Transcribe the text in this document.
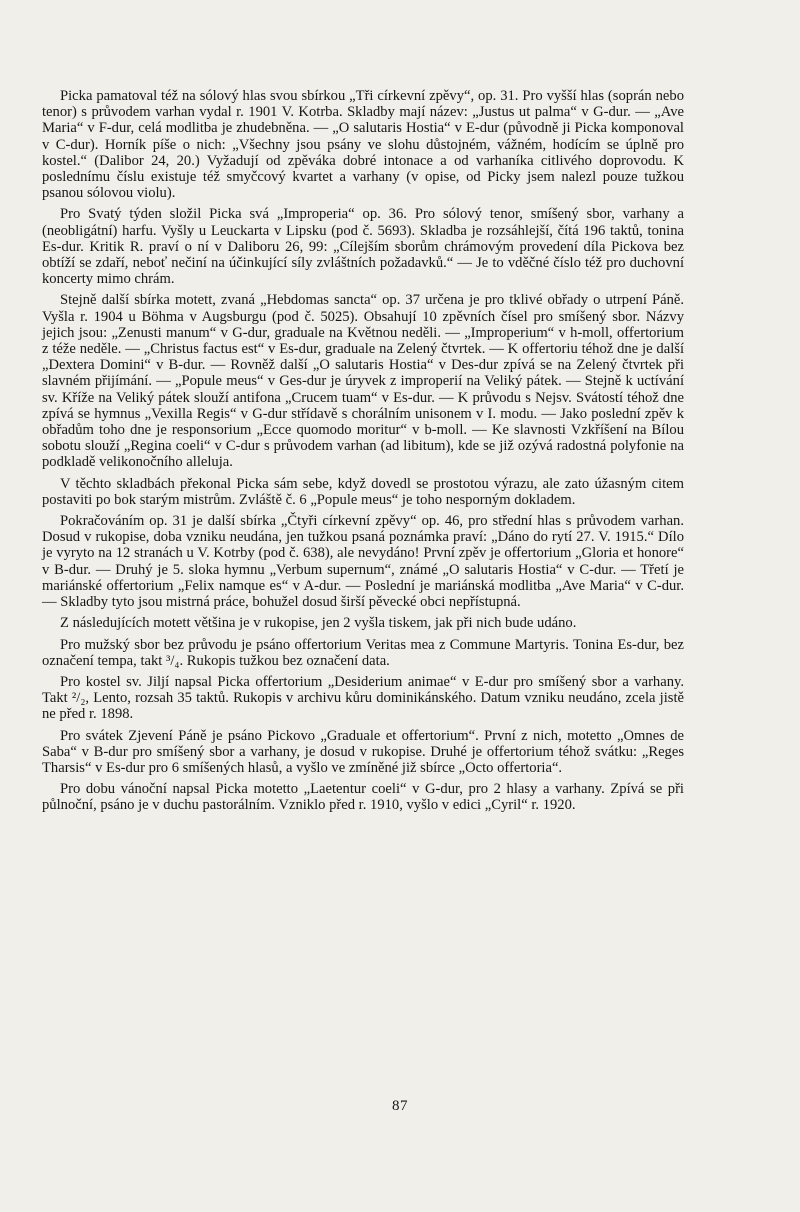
Picka pamatoval též na sólový hlas svou sbírkou „Tři církevní zpěvy“, op. 31. Pro vyšší hlas (soprán nebo tenor) s průvodem varhan vydal r. 1901 V. Kotrba. Skladby mají název: „Justus ut palma“ v G-dur. — „Ave Maria“ v F-dur, celá modlitba je zhudebněna. — „O salutaris Hostia“ v E-dur (původně ji Picka komponoval v C-dur). Horník píše o nich: „Všechny jsou psány ve slohu důstojném, vážném, hodícím se úplně pro kostel.“ (Dalibor 24, 20.) Vyžadují od zpěváka dobré intonace a od varhaníka citlivého doprovodu. K poslednímu číslu existuje též smyčcový kvartet a varhany (v opise, od Picky jsem nalezl pouze tužkou psanou sólovou violu).

Pro Svatý týden složil Picka svá „Improperia“ op. 36. Pro sólový tenor, smíšený sbor, varhany a (neobligátní) harfu. Vyšly u Leuckarta v Lipsku (pod č. 5693). Skladba je rozsáhlejší, čítá 196 taktů, tonina Es-dur. Kritik R. praví o ní v Daliboru 26, 99: „Cílejším sborům chrámovým provedení díla Pickova bez obtíží se zdaří, neboť nečiní na účinkující síly zvláštních požadavků.“ — Je to vděčné číslo též pro duchovní koncerty mimo chrám.

Stejně další sbírka motett, zvaná „Hebdomas sancta“ op. 37 určena je pro tklivé obřady o utrpení Páně. Vyšla r. 1904 u Böhma v Augsburgu (pod č. 5025). Obsahují 10 zpěvních čísel pro smíšený sbor. Názvy jejich jsou: „Zenusti manum“ v G-dur, graduale na Květnou neděli. — „Improperium“ v h-moll, offertorium z téže neděle. — „Christus factus est“ v Es-dur, graduale na Zelený čtvrtek. — K offertoriu téhož dne je další „Dextera Domini“ v B-dur. — Rovněž další „O salutaris Hostia“ v Des-dur zpívá se na Zelený čtvrtek při slavném přijímání. — „Popule meus“ v Ges-dur je úryvek z improperií na Veliký pátek. — Stejně k uctívání sv. Kříže na Veliký pátek slouží antifona „Crucem tuam“ v Es-dur. — K průvodu s Nejsv. Svátostí téhož dne zpívá se hymnus „Vexilla Regis“ v G-dur střídavě s chorálním unisonem v I. modu. — Jako poslední zpěv k obřadům toho dne je responsorium „Ecce quomodo moritur“ v b-moll. — Ke slavnosti Vzkříšení na Bílou sobotu slouží „Regina coeli“ v C-dur s průvodem varhan (ad libitum), kde se již ozývá radostná polyfonie na podkladě velikonočního alleluja.

V těchto skladbách překonal Picka sám sebe, když dovedl se prostotou výrazu, ale zato úžasným citem postaviti po bok starým mistrům. Zvláště č. 6 „Popule meus“ je toho nesporným dokladem.

Pokračováním op. 31 je další sbírka „Čtyři církevní zpěvy“ op. 46, pro střední hlas s průvodem varhan. Dosud v rukopise, doba vzniku neudána, jen tužkou psaná poznámka praví: „Dáno do rytí 27. V. 1915.“ Dílo je vyryto na 12 stranách u V. Kotrby (pod č. 638), ale nevydáno! První zpěv je offertorium „Gloria et honore“ v B-dur. — Druhý je 5. sloka hymnu „Verbum supernum“, známé „O salutaris Hostia“ v C-dur. — Třetí je mariánské offertorium „Felix namque es“ v A-dur. — Poslední je mariánská modlitba „Ave Maria“ v C-dur. — Skladby tyto jsou mistrná práce, bohužel dosud širší pěvecké obci nepřístupná.

Z následujících motett většina je v rukopise, jen 2 vyšla tiskem, jak při nich bude udáno.

Pro mužský sbor bez průvodu je psáno offertorium Veritas mea z Commune Martyris. Tonina Es-dur, bez označení tempa, takt ³/₄. Rukopis tužkou bez označení data.

Pro kostel sv. Jiljí napsal Picka offertorium „Desiderium animae“ v E-dur pro smíšený sbor a varhany. Takt ²/₂, Lento, rozsah 35 taktů. Rukopis v archivu kůru dominikánského. Datum vzniku neudáno, zcela jistě ne před r. 1898.

Pro svátek Zjevení Páně je psáno Pickovo „Graduale et offertorium“. První z nich, motetto „Omnes de Saba“ v B-dur pro smíšený sbor a varhany, je dosud v rukopise. Druhé je offertorium téhož svátku: „Reges Tharsis“ v Es-dur pro 6 smíšených hlasů, a vyšlo ve zmíněné již sbírce „Octo offertoria“.

Pro dobu vánoční napsal Picka motetto „Laetentur coeli“ v G-dur, pro 2 hlasy a varhany. Zpívá se při půlnoční, psáno je v duchu pastorálním. Vzniklo před r. 1910, vyšlo v edici „Cyril“ r. 1920.

87
